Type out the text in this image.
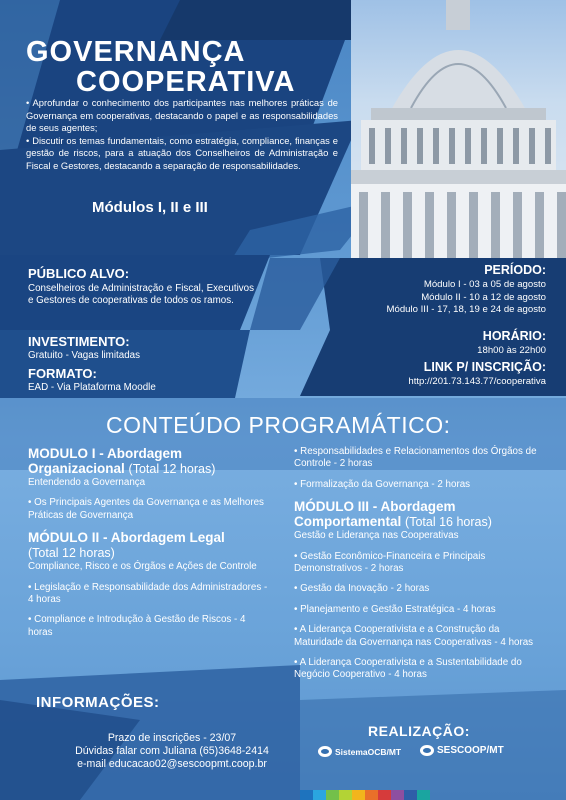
GOVERNANÇA
COOPERATIVA

• Aprofundar o conhecimento dos participantes nas melhores práticas de Governança em cooperativas, destacando o papel e as responsabilidades de seus agentes;

• Discutir os temas fundamentais, como estratégia, compliance, finanças e gestão de riscos, para a atuação dos Conselheiros de Administração e Fiscal e Gestores, destacando a separação de responsabilidades.

Módulos I, II e III
PÚBLICO ALVO:
Conselheiros de Administração e Fiscal, Executivos e Gestores de cooperativas de todos os ramos.
INVESTIMENTO:
Gratuito - Vagas limitadas
FORMATO:
EAD - Via Plataforma Moodle
PERÍODO:
Módulo I - 03 a 05 de agosto
Módulo II - 10 a 12 de agosto
Módulo III - 17, 18, 19 e 24 de agosto
HORÁRIO:
18h00 às 22h00
LINK P/ INSCRIÇÃO:
http://201.73.143.77/cooperativa
CONTEÚDO PROGRAMÁTICO:
MODULO I - Abordagem Organizacional (Total 12 horas)
Entendendo a Governança
• Os Principais Agentes da Governança e as Melhores Práticas de Governança
MÓDULO II - Abordagem Legal
(Total 12 horas)
Compliance, Risco e os Órgãos e Ações de Controle
• Legislação e Responsabilidade dos Administradores - 4 horas
• Compliance e Introdução à Gestão de Riscos - 4 horas
• Responsabilidades e Relacionamentos dos Órgãos de Controle - 2 horas
• Formalização da Governança - 2 horas
MÓDULO III - Abordagem Comportamental (Total 16 horas)
Gestão e Liderança nas Cooperativas
• Gestão Econômico-Financeira e Principais Demonstrativos - 2 horas
• Gestão da Inovação - 2 horas
• Planejamento e Gestão Estratégica - 4 horas
• A Liderança Cooperativista e a Construção da Maturidade da Governança nas Cooperativas - 4 horas
• A Liderança Cooperativista e a Sustentabilidade do Negócio Cooperativo - 4 horas
INFORMAÇÕES:
Prazo de inscrições - 23/07
Dúvidas falar com Juliana (65)3648-2414
e-mail educacao02@sescoopmt.coop.br
REALIZAÇÃO:
SistemaOCB/MT	SESCOOP/MT
